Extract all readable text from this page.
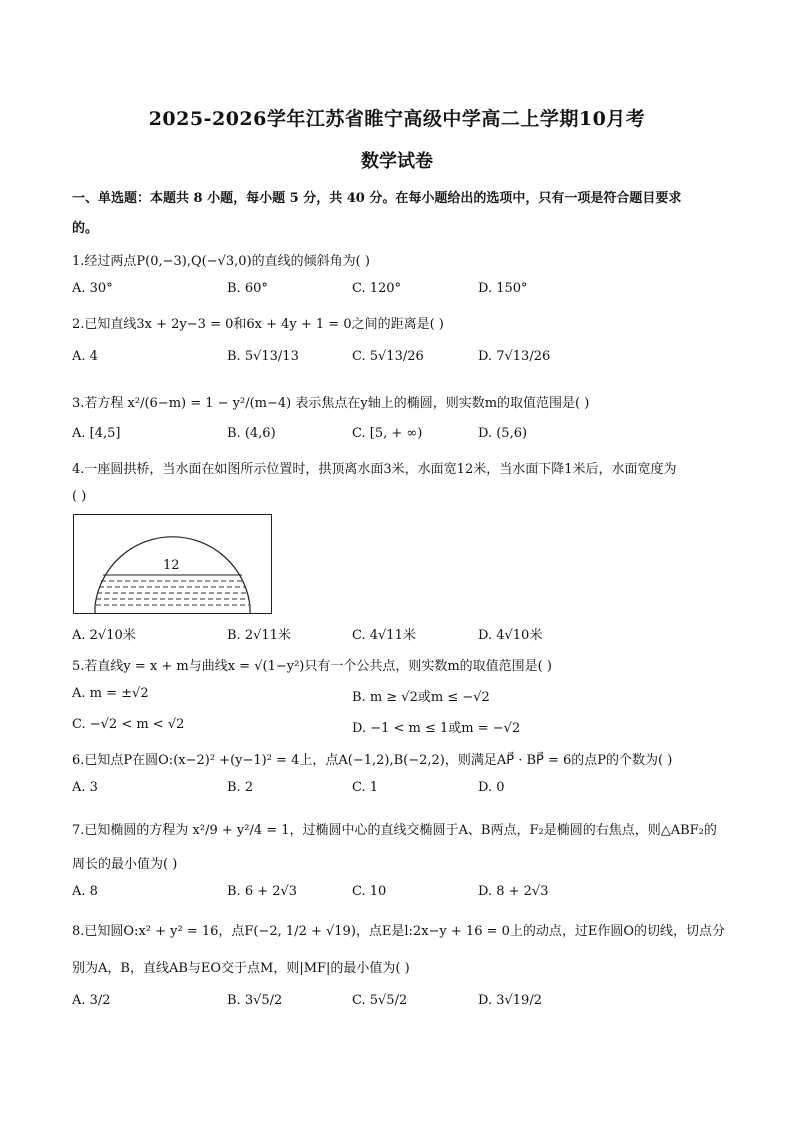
2025-2026学年江苏省睢宁高级中学高二上学期10月考
数学试卷
一、单选题：本题共 8 小题，每小题 5 分，共 40 分。在每小题给出的选项中，只有一项是符合题目要求
的。
1.经过两点P(0,−3),Q(−√3,0)的直线的倾斜角为( )
A. 30°	B. 60°	C. 120°	D. 150°
2.已知直线3x + 2y−3 = 0和6x + 4y + 1 = 0之间的距离是( )
A. 4	B. 5√13/13	C. 5√13/26	D. 7√13/26
3.若方程 x²/(6−m) = 1 − y²/(m−4) 表示焦点在y轴上的椭圆，则实数m的取值范围是( )
A. [4,5]	B. (4,6)	C. [5, + ∞)	D. (5,6)
4.一座圆拱桥，当水面在如图所示位置时，拱顶离水面3米，水面宽12米，当水面下降1米后，水面宽度为
( )
12
A. 2√10米	B. 2√11米	C. 4√11米	D. 4√10米
5.若直线y = x + m与曲线x = √(1−y²)只有一个公共点，则实数m的取值范围是( )
A. m = ±√2	B. m ≥ √2或m ≤ −√2
C. −√2 < m < √2	D. −1 < m ≤ 1或m = −√2
6.已知点P在圆O:(x−2)² +(y−1)² = 4上，点A(−1,2),B(−2,2)，则满足AP⃗ · BP⃗ = 6的点P的个数为( )
A. 3	B. 2	C. 1	D. 0
7.已知椭圆的方程为 x²/9 + y²/4 = 1，过椭圆中心的直线交椭圆于A、B两点，F₂是椭圆的右焦点，则△ABF₂的
周长的最小值为( )
A. 8	B. 6 + 2√3	C. 10	D. 8 + 2√3
8.已知圆O:x² + y² = 16，点F(−2, 1/2 + √19)，点E是l:2x−y + 16 = 0上的动点，过E作圆O的切线，切点分
别为A，B，直线AB与EO交于点M，则|MF|的最小值为( )
A. 3/2	B. 3√5/2	C. 5√5/2	D. 3√19/2
